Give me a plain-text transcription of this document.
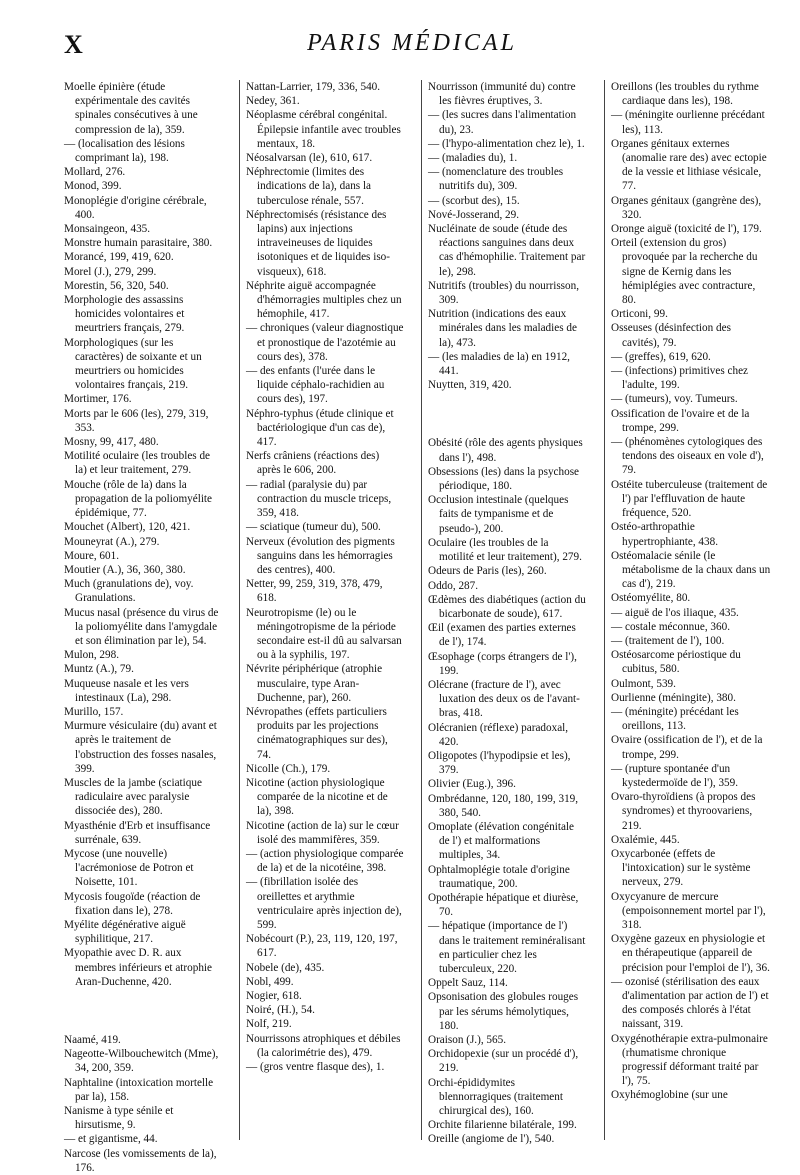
X	PARIS MÉDICAL

Moelle épinière (étude expérimentale des cavités spinales consécutives à une compression de la), 359.

— (localisation des lésions comprimant la), 198.

Mollard, 276.

Monod, 399.

Monoplégie d'origine cérébrale, 400.

Monsaingeon, 435.

Monstre humain parasitaire, 380.

Morancé, 199, 419, 620.

Morel (J.), 279, 299.

Morestin, 56, 320, 540.

Morphologie des assassins homicides volontaires et meurtriers français, 279.

Morphologiques (sur les caractères) de soixante et un meurtriers ou homicides volontaires français, 219.

Mortimer, 176.

Morts par le 606 (les), 279, 319, 353.

Mosny, 99, 417, 480.

Motilité oculaire (les troubles de la) et leur traitement, 279.

Mouche (rôle de la) dans la propagation de la poliomyélite épidémique, 77.

Mouchet (Albert), 120, 421.

Mouneyrat (A.), 279.

Moure, 601.

Moutier (A.), 36, 360, 380.

Much (granulations de), voy. Granulations.

Mucus nasal (présence du virus de la poliomyélite dans l'amygdale et son élimination par le), 54.

Mulon, 298.

Muntz (A.), 79.

Muqueuse nasale et les vers intestinaux (La), 298.

Murillo, 157.

Murmure vésiculaire (du) avant et après le traitement de l'obstruction des fosses nasales, 399.

Muscles de la jambe (sciatique radiculaire avec paralysie dissociée des), 280.

Myasthénie d'Erb et insuffisance surrénale, 639.

Mycose (une nouvelle) l'acrémoniose de Potron et Noisette, 101.

Mycosis fougoïde (réaction de fixation dans le), 278.

Myélite dégénérative aiguë syphilitique, 217.

Myopathie avec D. R. aux membres inférieurs et atrophie Aran-Duchenne, 420.

Naamé, 419.

Nageotte-Wilbouchewitch (Mme), 34, 200, 359.

Naphtaline (intoxication mortelle par la), 158.

Nanisme à type sénile et hirsutisme, 9.

— et gigantisme, 44.

Narcose (les vomissements de la), 176.

Nattan-Larrier, 179, 336, 540.

Nedey, 361.

Néoplasme cérébral congénital. Épilepsie infantile avec troubles mentaux, 18.

Néosalvarsan (le), 610, 617.

Néphrectomie (limites des indications de la), dans la tuberculose rénale, 557.

Néphrectomisés (résistance des lapins) aux injections intraveineuses de liquides isotoniques et de liquides iso-visqueux), 618.

Néphrite aiguë accompagnée d'hémorragies multiples chez un hémophile, 417.

— chroniques (valeur diagnostique et pronostique de l'azotémie au cours des), 378.

— des enfants (l'urée dans le liquide céphalo-rachidien au cours des), 197.

Néphro-typhus (étude clinique et bactériologique d'un cas de), 417.

Nerfs crâniens (réactions des) après le 606, 200.

— radial (paralysie du) par contraction du muscle triceps, 359, 418.

— sciatique (tumeur du), 500.

Nerveux (évolution des pigments sanguins dans les hémorragies des centres), 400.

Netter, 99, 259, 319, 378, 479, 618.

Neurotropisme (le) ou le méningotropisme de la période secondaire est-il dû au salvarsan ou à la syphilis, 197.

Névrite périphérique (atrophie musculaire, type Aran-Duchenne, par), 260.

Névropathes (effets particuliers produits par les projections cinématographiques sur des), 74.

Nicolle (Ch.), 179.

Nicotine (action physiologique comparée de la nicotine et de la), 398.

Nicotine (action de la) sur le cœur isolé des mammifères, 359.

— (action physiologique comparée de la) et de la nicotéine, 398.

— (fibrillation isolée des oreillettes et arythmie ventriculaire après injection de), 599.

Nobécourt (P.), 23, 119, 120, 197, 617.

Nobele (de), 435.

Nobl, 499.

Nogier, 618.

Noiré, (H.), 54.

Nolf, 219.

Nourrissons atrophiques et débiles (la calorimétrie des), 479.

— (gros ventre flasque des), 1.

Nourrisson (immunité du) contre les fièvres éruptives, 3.

— (les sucres dans l'alimentation du), 23.

— (l'hypo-alimentation chez le), 1.

— (maladies du), 1.

— (nomenclature des troubles nutritifs du), 309.

— (scorbut des), 15.

Nové-Josserand, 29.

Nucléinate de soude (étude des réactions sanguines dans deux cas d'hémophilie. Traitement par le), 298.

Nutritifs (troubles) du nourrisson, 309.

Nutrition (indications des eaux minérales dans les maladies de la), 473.

— (les maladies de la) en 1912, 441.

Nuytten, 319, 420.

Obésité (rôle des agents physiques dans l'), 498.

Obsessions (les) dans la psychose périodique, 180.

Occlusion intestinale (quelques faits de tympanisme et de pseudo-), 200.

Oculaire (les troubles de la motilité et leur traitement), 279.

Odeurs de Paris (les), 260.

Oddo, 287.

Œdèmes des diabétiques (action du bicarbonate de soude), 617.

Œil (examen des parties externes de l'), 174.

Œsophage (corps étrangers de l'), 199.

Olécrane (fracture de l'), avec luxation des deux os de l'avant-bras, 418.

Olécranien (réflexe) paradoxal, 420.

Oligopotes (l'hypodipsie et les), 379.

Olivier (Eug.), 396.

Ombrédanne, 120, 180, 199, 319, 380, 540.

Omoplate (élévation congénitale de l') et malformations multiples, 34.

Ophtalmoplégie totale d'origine traumatique, 200.

Opothérapie hépatique et diurèse, 70.

— hépatique (importance de l') dans le traitement reminéralisant en particulier chez les tuberculeux, 220.

Oppelt Sauz, 114.

Opsonisation des globules rouges par les sérums hémolytiques, 180.

Oraison (J.), 565.

Orchidopexie (sur un procédé d'), 219.

Orchi-épididymites blennorragiques (traitement chirurgical des), 160.

Orchite filarienne bilatérale, 199.

Oreille (angiome de l'), 540.

Oreillons (les troubles du rythme cardiaque dans les), 198.

— (méningite ourlienne précédant les), 113.

Organes génitaux externes (anomalie rare des) avec ectopie de la vessie et lithiase vésicale, 77.

Organes génitaux (gangrène des), 320.

Oronge aiguë (toxicité de l'), 179.

Orteil (extension du gros) provoquée par la recherche du signe de Kernig dans les hémiplégies avec contracture, 80.

Orticoni, 99.

Osseuses (désinfection des cavités), 79.

— (greffes), 619, 620.

— (infections) primitives chez l'adulte, 199.

— (tumeurs), voy. Tumeurs.

Ossification de l'ovaire et de la trompe, 299.

— (phénomènes cytologiques des tendons des oiseaux en vole d'), 79.

Ostéite tuberculeuse (traitement de l') par l'effluvation de haute fréquence, 520.

Ostéo-arthropathie hypertrophiante, 438.

Ostéomalacie sénile (le métabolisme de la chaux dans un cas d'), 219.

Ostéomyélite, 80.

— aiguë de l'os iliaque, 435.

— costale méconnue, 360.

— (traitement de l'), 100.

Ostéosarcome périostique du cubitus, 580.

Oulmont, 539.

Ourlienne (méningite), 380.

— (méningite) précédant les oreillons, 113.

Ovaire (ossification de l'), et de la trompe, 299.

— (rupture spontanée d'un kystedermoïde de l'), 359.

Ovaro-thyroïdiens (à propos des syndromes) et thyroovariens, 219.

Oxalémie, 445.

Oxycarbonée (effets de l'intoxication) sur le système nerveux, 279.

Oxycyanure de mercure (empoisonnement mortel par l'), 318.

Oxygène gazeux en physiologie et en thérapeutique (appareil de précision pour l'emploi de l'), 36.

— ozonisé (stérilisation des eaux d'alimentation par action de l') et des composés chlorés à l'état naissant, 319.

Oxygénothérapie extra-pulmonaire (rhumatisme chronique progressif déformant traité par l'), 75.

Oxyhémoglobine (sur une
